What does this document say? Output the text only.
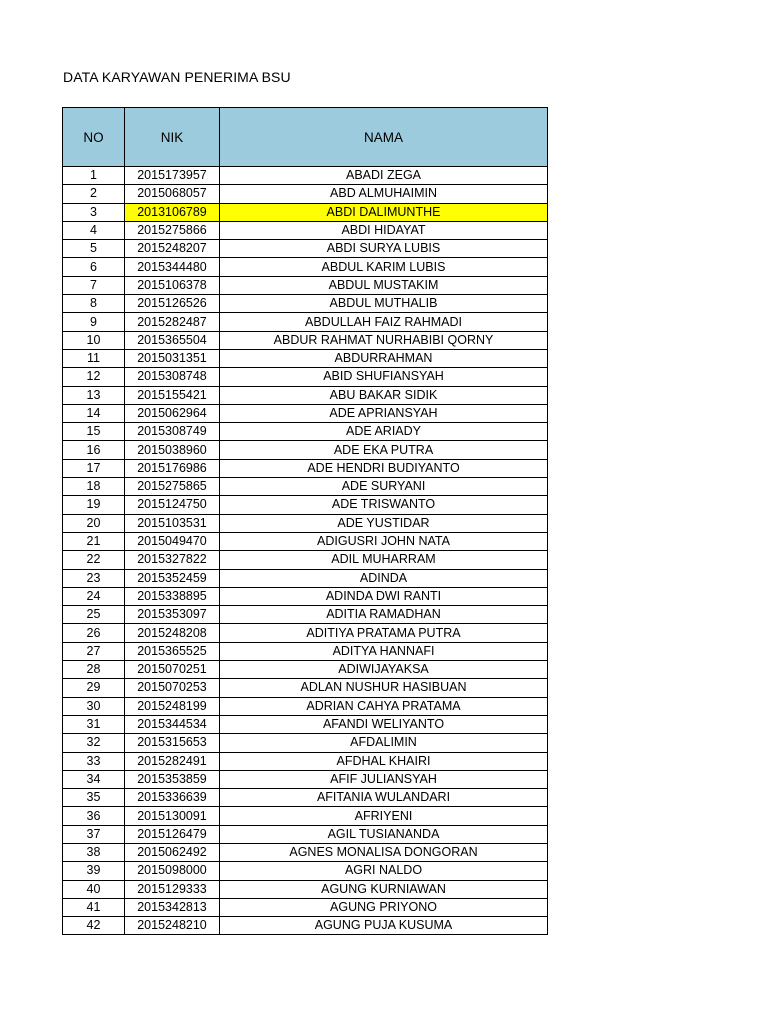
DATA KARYAWAN PENERIMA BSU
NO	NIK	NAMA
1	2015173957	ABADI ZEGA
2	2015068057	ABD ALMUHAIMIN
3	2013106789	ABDI DALIMUNTHE
4	2015275866	ABDI HIDAYAT
5	2015248207	ABDI SURYA LUBIS
6	2015344480	ABDUL KARIM LUBIS
7	2015106378	ABDUL MUSTAKIM
8	2015126526	ABDUL MUTHALIB
9	2015282487	ABDULLAH FAIZ RAHMADI
10	2015365504	ABDUR RAHMAT NURHABIBI QORNY
11	2015031351	ABDURRAHMAN
12	2015308748	ABID SHUFIANSYAH
13	2015155421	ABU BAKAR SIDIK
14	2015062964	ADE APRIANSYAH
15	2015308749	ADE ARIADY
16	2015038960	ADE EKA PUTRA
17	2015176986	ADE HENDRI BUDIYANTO
18	2015275865	ADE SURYANI
19	2015124750	ADE TRISWANTO
20	2015103531	ADE YUSTIDAR
21	2015049470	ADIGUSRI JOHN NATA
22	2015327822	ADIL MUHARRAM
23	2015352459	ADINDA
24	2015338895	ADINDA DWI RANTI
25	2015353097	ADITIA RAMADHAN
26	2015248208	ADITIYA PRATAMA PUTRA
27	2015365525	ADITYA HANNAFI
28	2015070251	ADIWIJAYAKSA
29	2015070253	ADLAN NUSHUR HASIBUAN
30	2015248199	ADRIAN CAHYA PRATAMA
31	2015344534	AFANDI WELIYANTO
32	2015315653	AFDALIMIN
33	2015282491	AFDHAL KHAIRI
34	2015353859	AFIF JULIANSYAH
35	2015336639	AFITANIA WULANDARI
36	2015130091	AFRIYENI
37	2015126479	AGIL TUSIANANDA
38	2015062492	AGNES MONALISA DONGORAN
39	2015098000	AGRI NALDO
40	2015129333	AGUNG KURNIAWAN
41	2015342813	AGUNG PRIYONO
42	2015248210	AGUNG PUJA KUSUMA
